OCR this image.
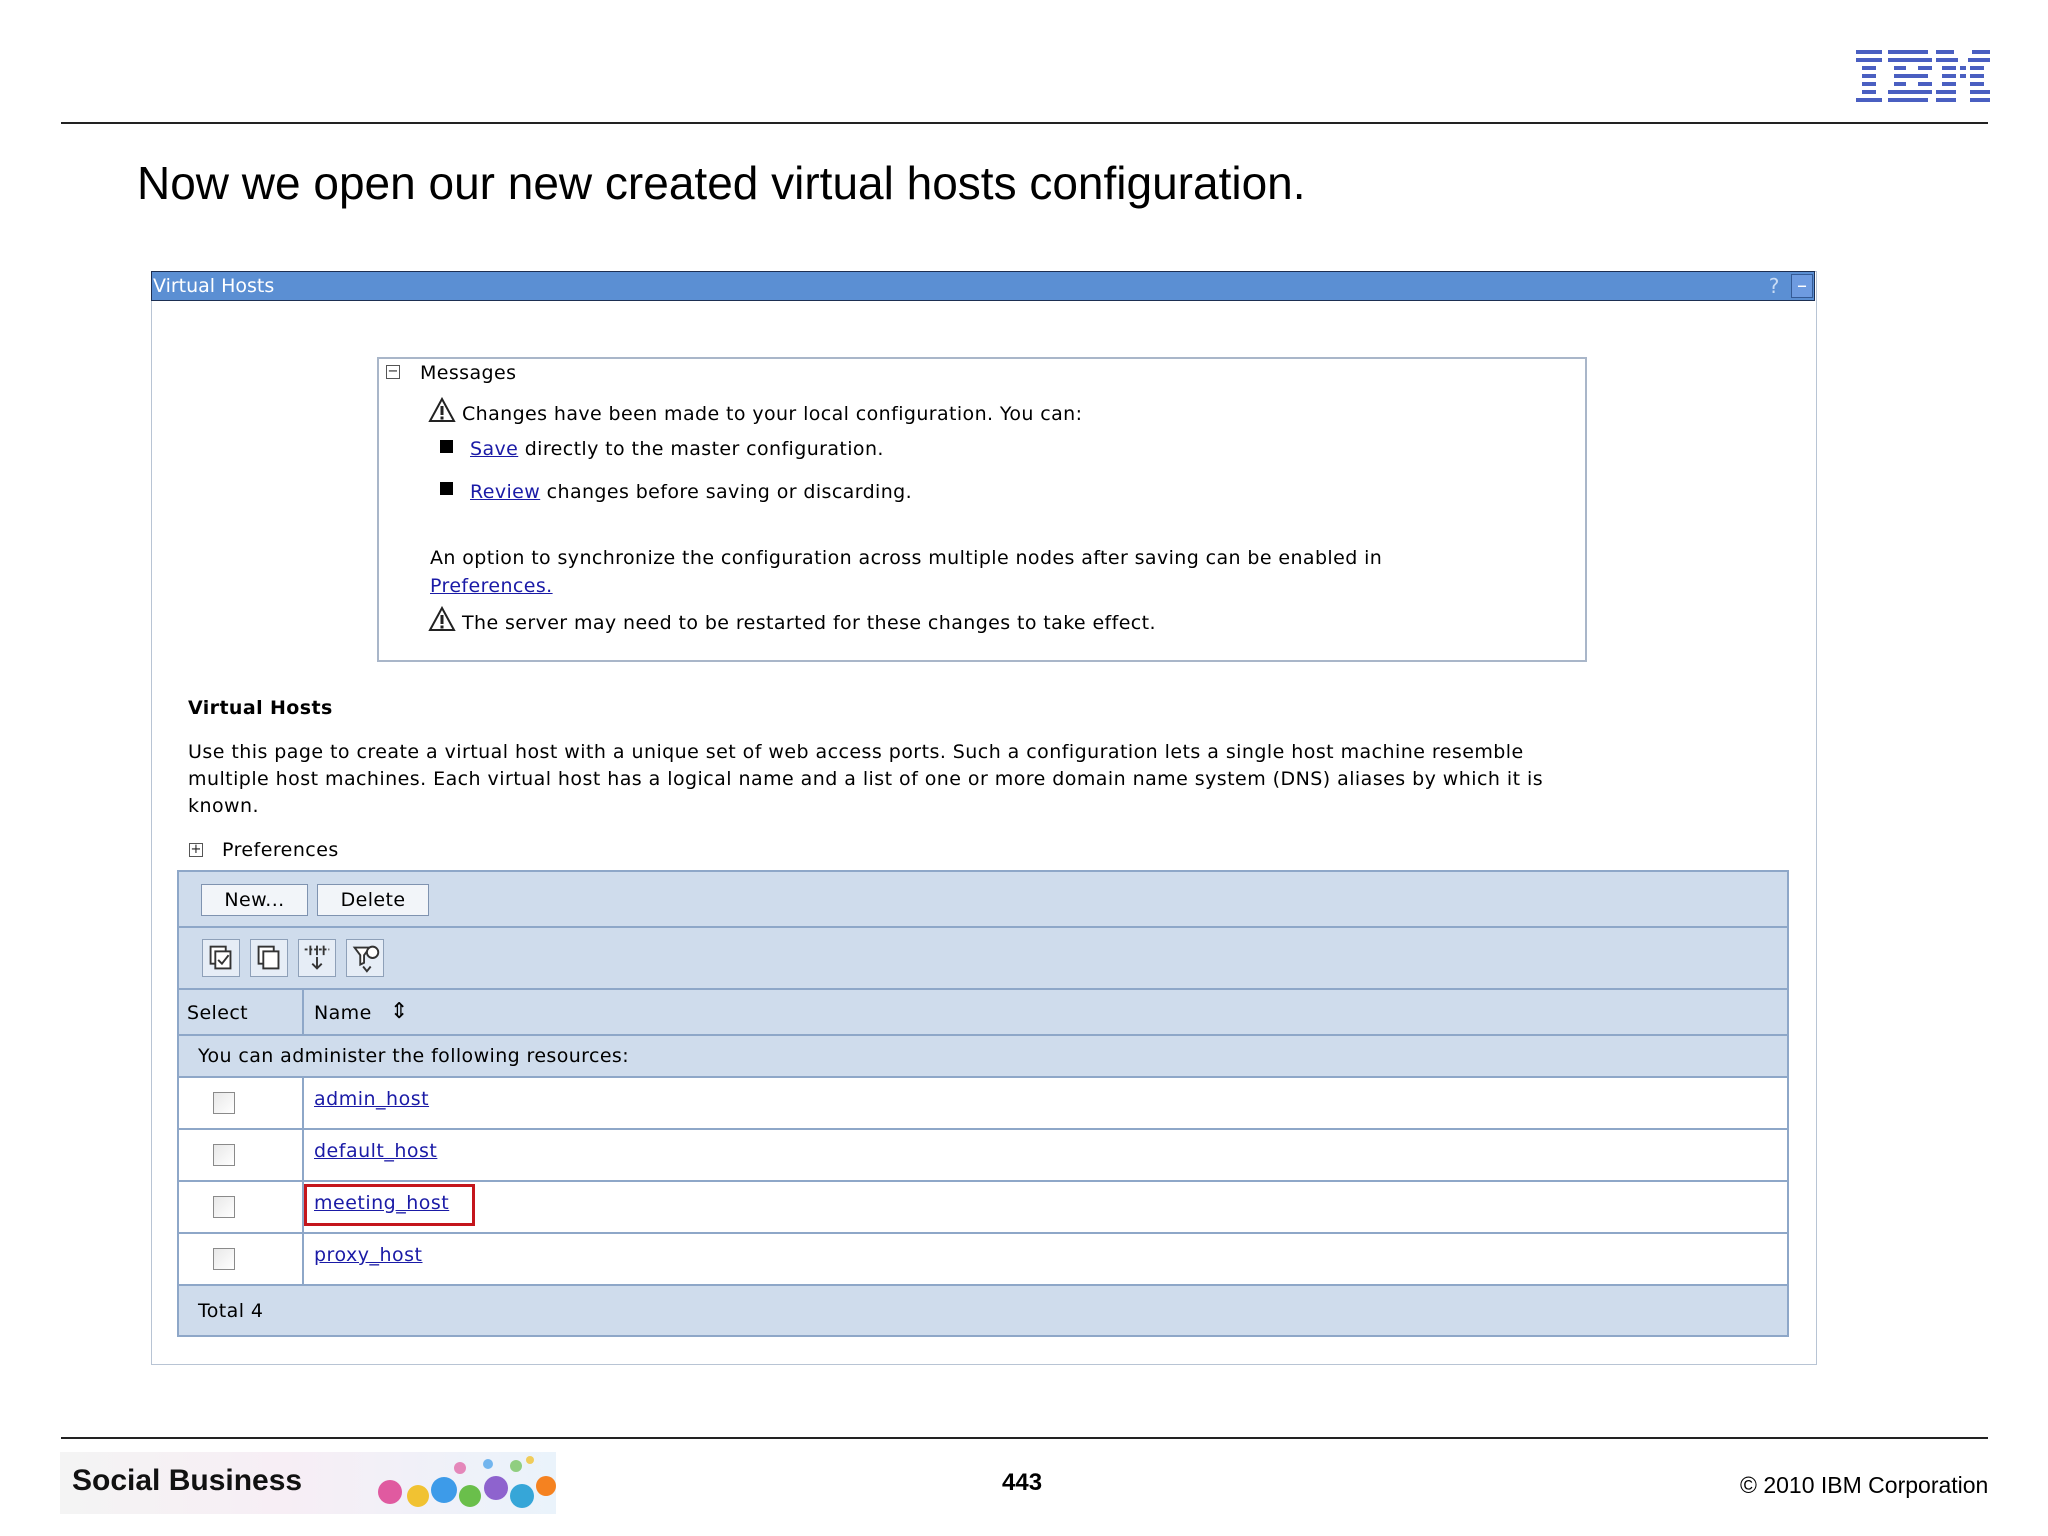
Now we open our new created virtual hosts configuration.
Virtual Hosts	? –
− Messages
Changes have been made to your local configuration. You can:
Save directly to the master configuration.
Review changes before saving or discarding.
An option to synchronize the configuration across multiple nodes after saving can be enabled in
Preferences.
The server may need to be restarted for these changes to take effect.
Virtual Hosts
Use this page to create a virtual host with a unique set of web access ports. Such a configuration lets a single host machine resemble
multiple host machines. Each virtual host has a logical name and a list of one or more domain name system (DNS) aliases by which it is
known.
+ Preferences
New...	Delete
Select	Name ⇕
You can administer the following resources:
admin_host
default_host
meeting_host
proxy_host
Total 4
Social Business	443	© 2010 IBM Corporation
